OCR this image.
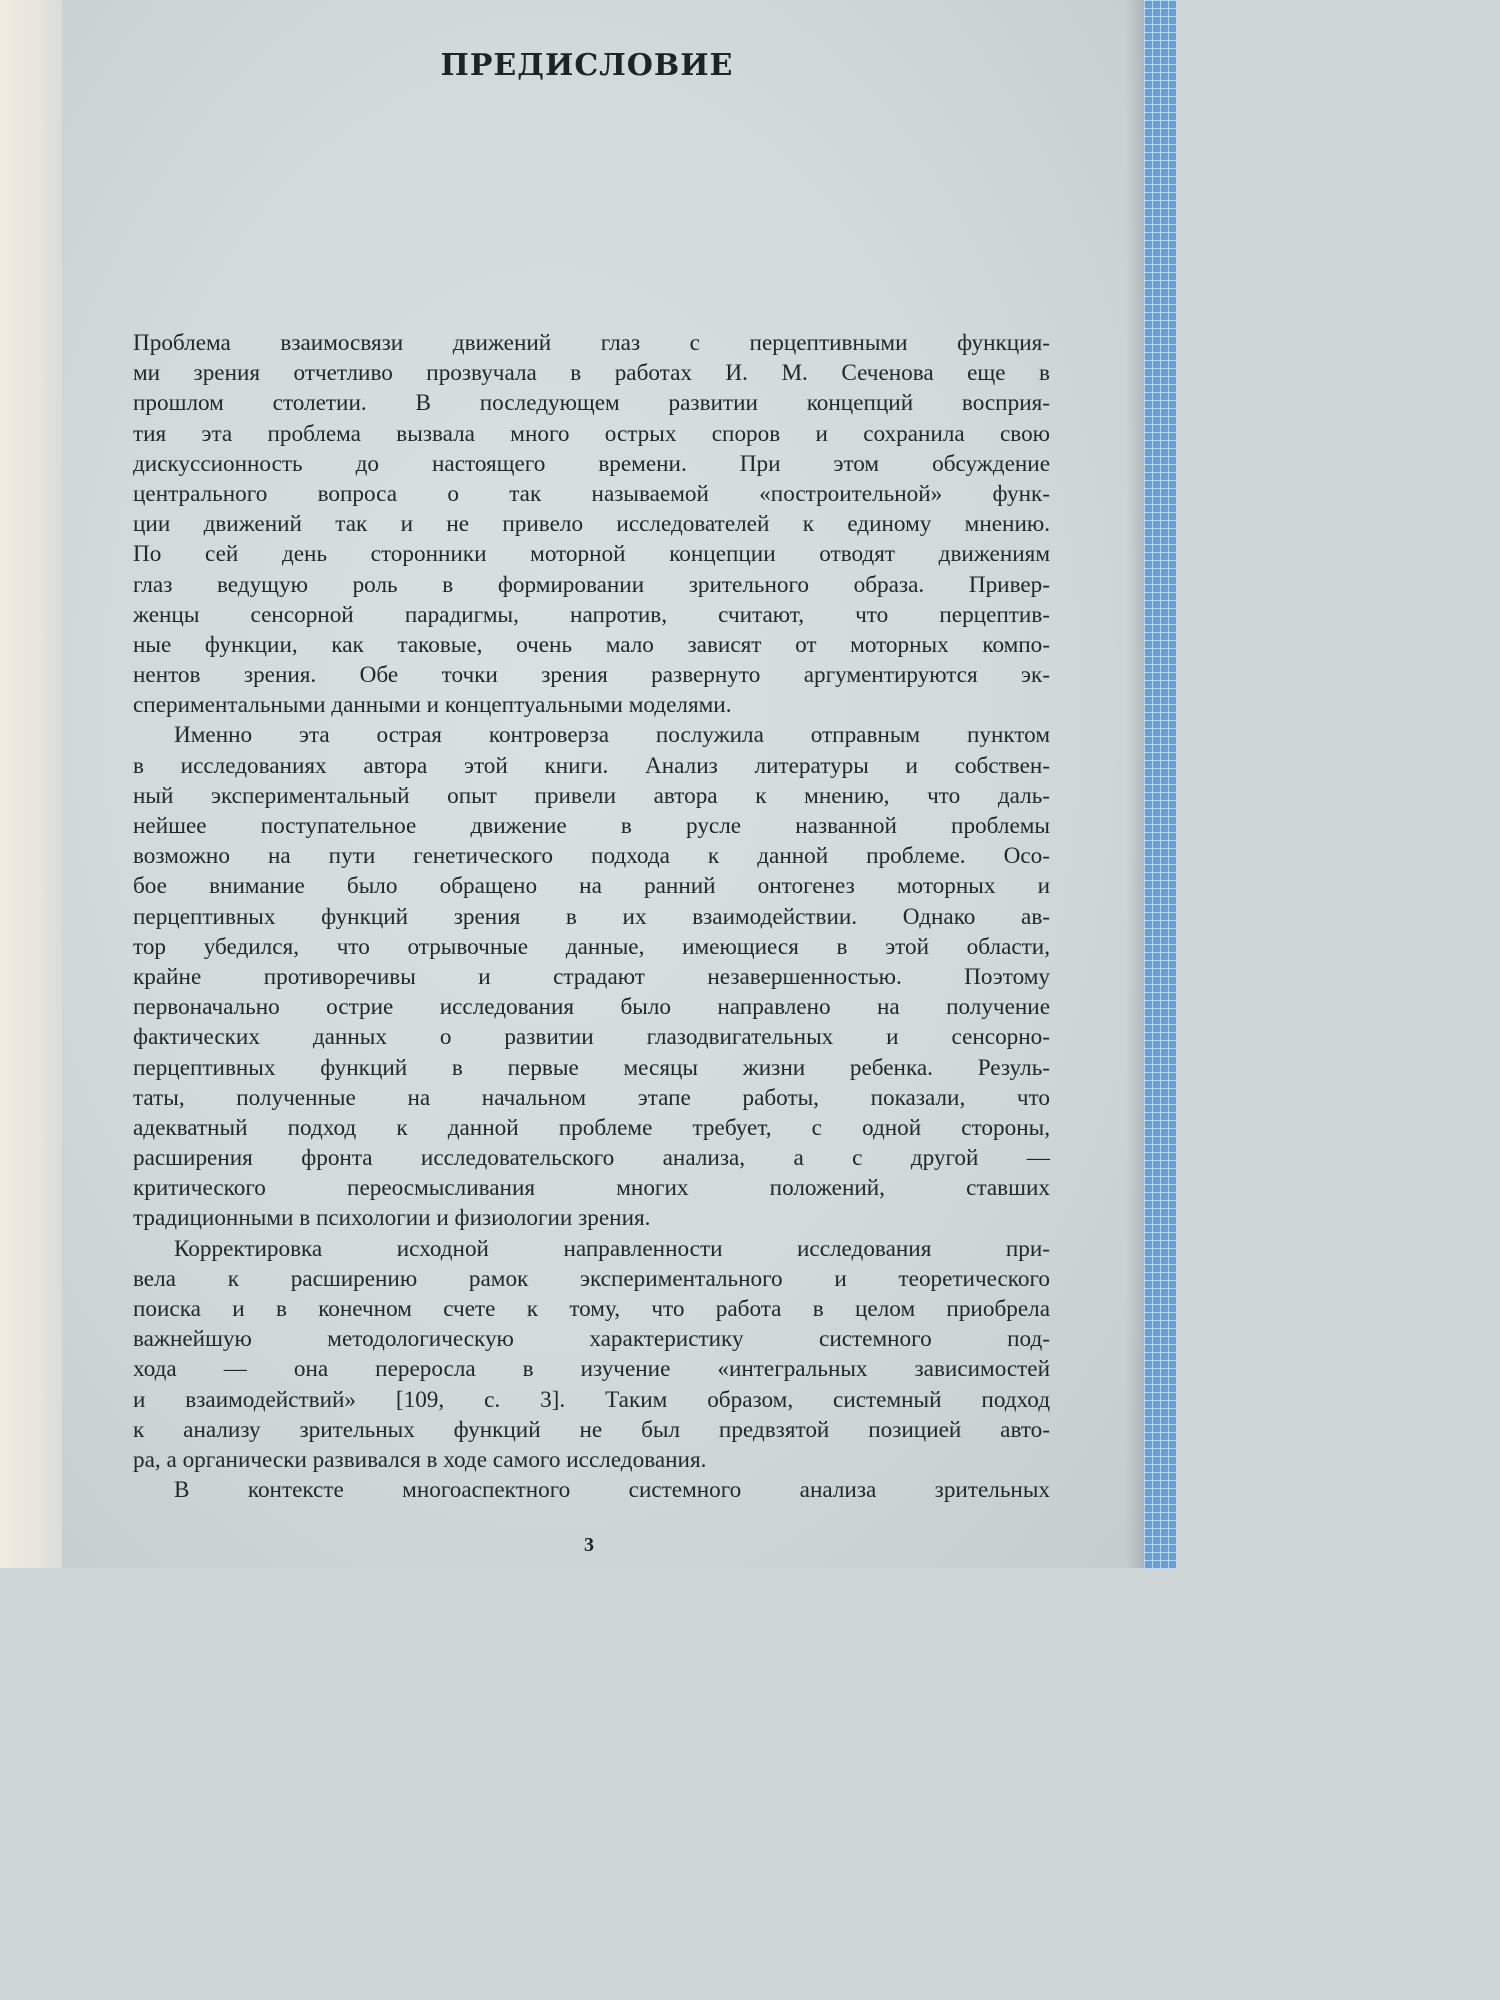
ПРЕДИСЛОВИЕ
Проблема взаимосвязи движений глаз с перцептивными функция-
ми зрения отчетливо прозвучала в работах И. М. Сеченова еще в
прошлом столетии. В последующем развитии концепций восприя-
тия эта проблема вызвала много острых споров и сохранила свою
дискуссионность до настоящего времени. При этом обсуждение
центрального вопроса о так называемой «построительной» функ-
ции движений так и не привело исследователей к единому мнению.
По сей день сторонники моторной концепции отводят движениям
глаз ведущую роль в формировании зрительного образа. Привер-
женцы сенсорной парадигмы, напротив, считают, что перцептив-
ные функции, как таковые, очень мало зависят от моторных компо-
нентов зрения. Обе точки зрения развернуто аргументируются эк-
спериментальными данными и концептуальными моделями.
Именно эта острая контроверза послужила отправным пунктом
в исследованиях автора этой книги. Анализ литературы и собствен-
ный экспериментальный опыт привели автора к мнению, что даль-
нейшее поступательное движение в русле названной проблемы
возможно на пути генетического подхода к данной проблеме. Осо-
бое внимание было обращено на ранний онтогенез моторных и
перцептивных функций зрения в их взаимодействии. Однако ав-
тор убедился, что отрывочные данные, имеющиеся в этой области,
крайне противоречивы и страдают незавершенностью. Поэтому
первоначально острие исследования было направлено на получение
фактических данных о развитии глазодвигательных и сенсорно-
перцептивных функций в первые месяцы жизни ребенка. Резуль-
таты, полученные на начальном этапе работы, показали, что
адекватный подход к данной проблеме требует, с одной стороны,
расширения фронта исследовательского анализа, а с другой —
критического переосмысливания многих положений, ставших
традиционными в психологии и физиологии зрения.
Корректировка исходной направленности исследования при-
вела к расширению рамок экспериментального и теоретического
поиска и в конечном счете к тому, что работа в целом приобрела
важнейшую методологическую характеристику системного под-
хода — она переросла в изучение «интегральных зависимостей
и взаимодействий» [109, с. 3]. Таким образом, системный подход
к анализу зрительных функций не был предвзятой позицией авто-
ра, а органически развивался в ходе самого исследования.
В контексте многоаспектного системного анализа зрительных
3
